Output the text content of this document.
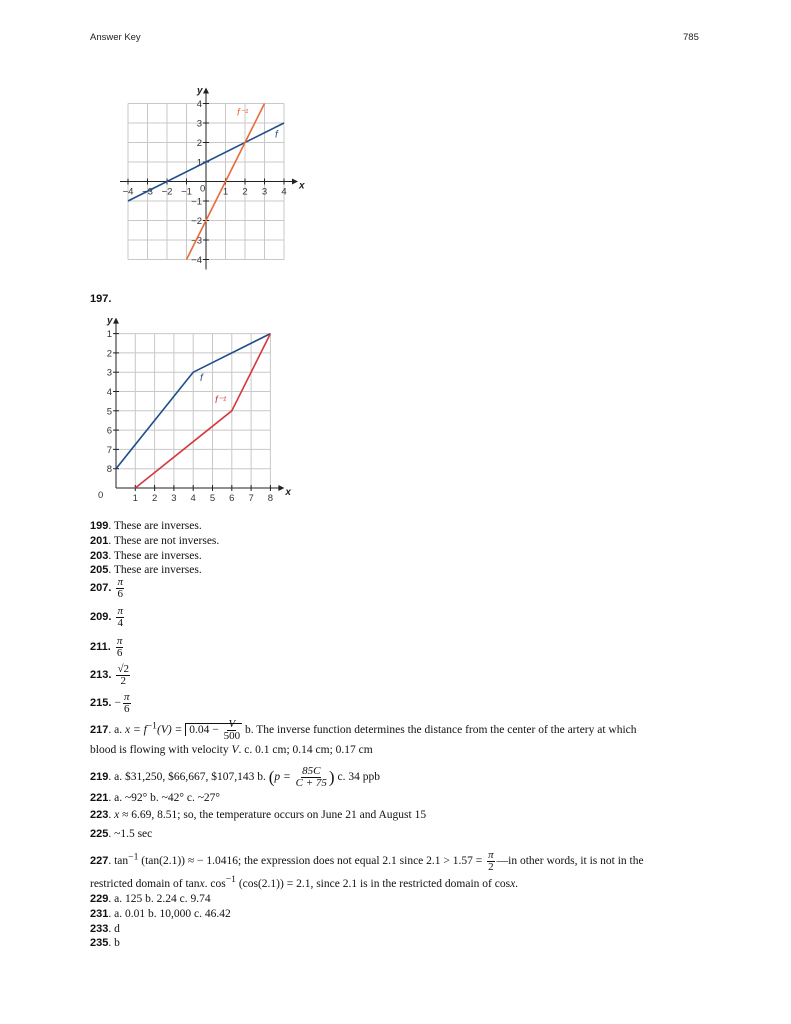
Answer Key	785
x
y
−4 −3 −2 −1	1 2 3 4
4
3
2
1
−1
−2
−3
−4
0
f
f⁻¹
x
y
1 2 3 4 5 6 7 8
1
2
3
4
5
6
7
8
0
f
f⁻¹
197.
199. These are inverses.
201. These are not inverses.
203. These are inverses.
205. These are inverses.
207. $\frac{\pi}{6}$
209. $\frac{\pi}{4}$
211. $\frac{\pi}{6}$
213. $\frac{√2}{2}$
215. − $\frac{\pi}{6}$
217. a. $x = f^{-1}(V) = 0.04 - \frac{V}{500} b$. The inverse function determines the distance from the center of the artery at which
blood is flowing with velocity V. c. 0.1 cm; 0.14 cm; 0.17 cm
219. a. $31,250, $66,667, $107,143 b. ($p = \frac{85C}{C + 75}$ ) c. 34 ppb
221. a. ~92° b. ~42° c. ~27°
223. x ≈ 6.69, 8.51; so, the temperature occurs on June 21 and August 15
225. ~1.5 sec
227. $\tan^{-1} (\tan(2.1))$ ≈ − 1.0416; the expression does not equal 2.1 since $2.1 > 1.57 = \frac{\pi}{2}$ —in other words, it is not in the
restricted domain of tanx. $\cos^{-1} (\cos(2.1)) = 2.1$, since 2.1 is in the restricted domain of cosx.
229. a. 125 b. 2.24 c. 9.74
231. a. 0.01 b. 10,000 c. 46.42
233. d
235. b
